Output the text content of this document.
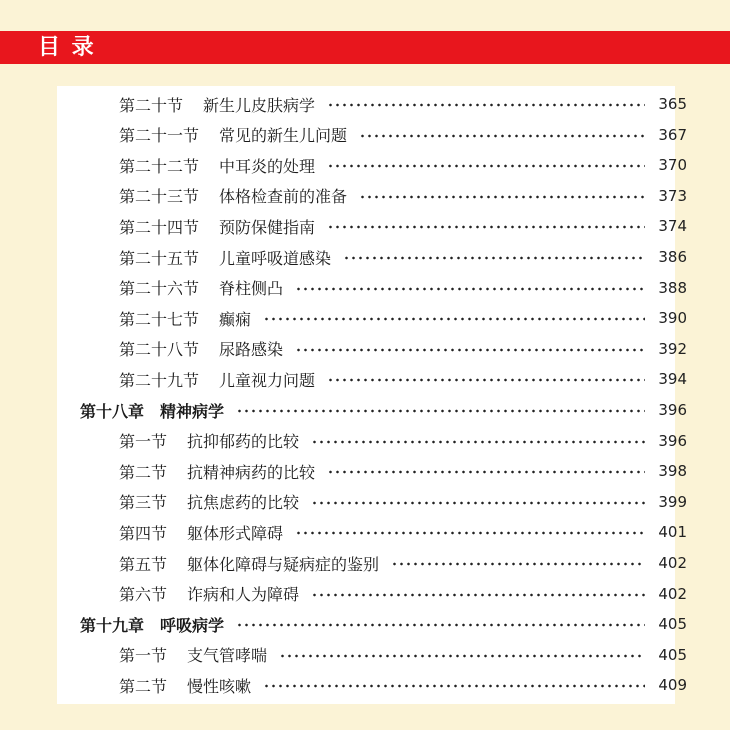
目 录
第二十节 新生儿皮肤病学	365
第二十一节 常见的新生儿问题	367
第二十二节 中耳炎的处理	370
第二十三节 体格检查前的准备	373
第二十四节 预防保健指南	374
第二十五节 儿童呼吸道感染	386
第二十六节 脊柱侧凸	388
第二十七节 癫痫	390
第二十八节 尿路感染	392
第二十九节 儿童视力问题	394
第十八章 精神病学	396
第一节 抗抑郁药的比较	396
第二节 抗精神病药的比较	398
第三节 抗焦虑药的比较	399
第四节 躯体形式障碍	401
第五节 躯体化障碍与疑病症的鉴别	402
第六节 诈病和人为障碍	402
第十九章 呼吸病学	405
第一节 支气管哮喘	405
第二节 慢性咳嗽	409
